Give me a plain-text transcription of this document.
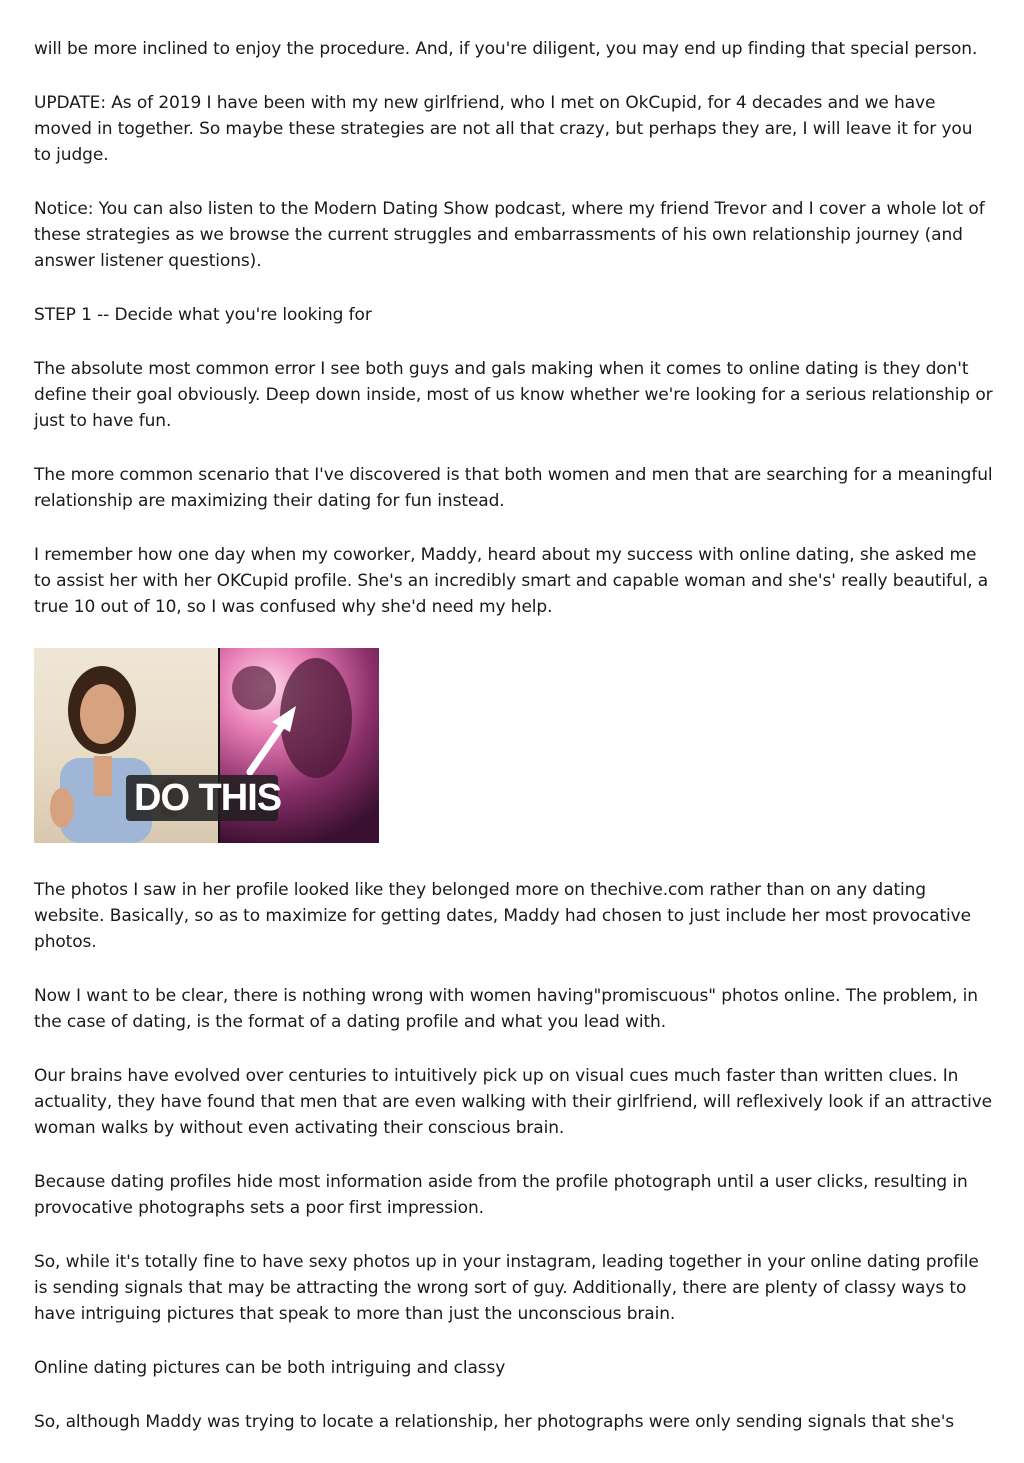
will be more inclined to enjoy the procedure. And, if you're diligent, you may end up finding that special person.

UPDATE: As of 2019 I have been with my new girlfriend, who I met on OkCupid, for 4 decades and we have moved in together. So maybe these strategies are not all that crazy, but perhaps they are, I will leave it for you to judge.

Notice: You can also listen to the Modern Dating Show podcast, where my friend Trevor and I cover a whole lot of these strategies as we browse the current struggles and embarrassments of his own relationship journey (and answer listener questions).

STEP 1 -- Decide what you're looking for

The absolute most common error I see both guys and gals making when it comes to online dating is they don't define their goal obviously. Deep down inside, most of us know whether we're looking for a serious relationship or just to have fun.

The more common scenario that I've discovered is that both women and men that are searching for a meaningful relationship are maximizing their dating for fun instead.

I remember how one day when my coworker, Maddy, heard about my success with online dating, she asked me to assist her with her OKCupid profile. She's an incredibly smart and capable woman and she's' really beautiful, a true 10 out of 10, so I was confused why she'd need my help.

DO THIS

The photos I saw in her profile looked like they belonged more on thechive.com rather than on any dating website. Basically, so as to maximize for getting dates, Maddy had chosen to just include her most provocative photos.

Now I want to be clear, there is nothing wrong with women having"promiscuous" photos online. The problem, in the case of dating, is the format of a dating profile and what you lead with.

Our brains have evolved over centuries to intuitively pick up on visual cues much faster than written clues. In actuality, they have found that men that are even walking with their girlfriend, will reflexively look if an attractive woman walks by without even activating their conscious brain.

Because dating profiles hide most information aside from the profile photograph until a user clicks, resulting in provocative photographs sets a poor first impression.

So, while it's totally fine to have sexy photos up in your instagram, leading together in your online dating profile is sending signals that may be attracting the wrong sort of guy. Additionally, there are plenty of classy ways to have intriguing pictures that speak to more than just the unconscious brain.

Online dating pictures can be both intriguing and classy

So, although Maddy was trying to locate a relationship, her photographs were only sending signals that she's
